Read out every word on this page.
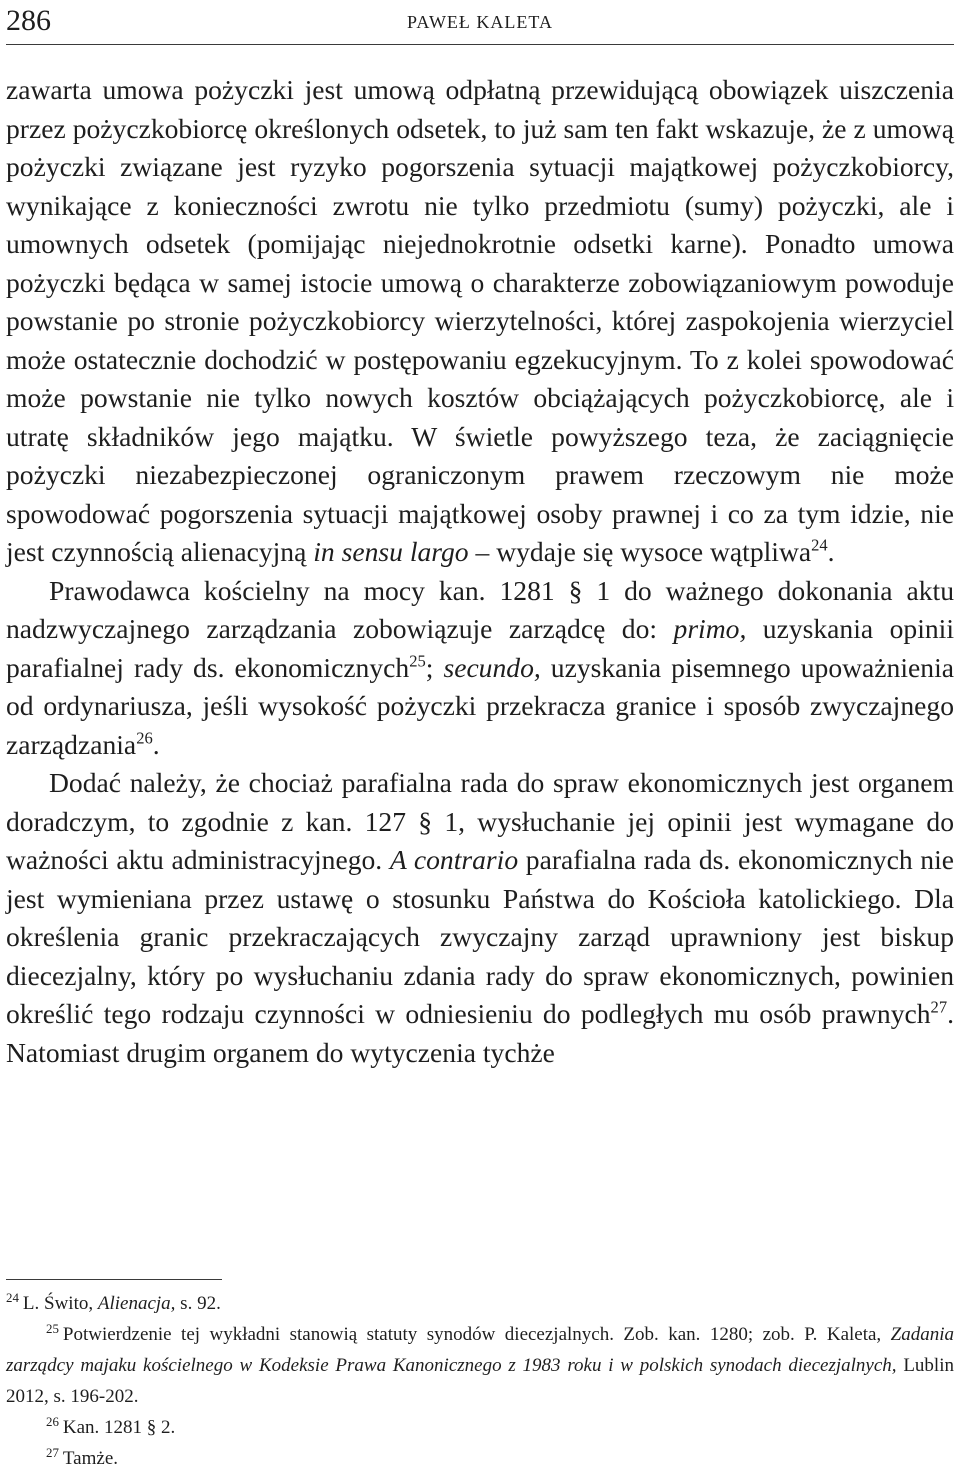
286	PAWEŁ KALETA

zawarta umowa pożyczki jest umową odpłatną przewidującą obowiązek uiszczenia przez pożyczkobiorcę określonych odsetek, to już sam ten fakt wskazuje, że z umową pożyczki związane jest ryzyko pogorszenia sytuacji majątkowej pożyczkobiorcy, wynikające z konieczności zwrotu nie tylko przedmiotu (sumy) pożyczki, ale i umownych odsetek (pomijając niejednokrotnie odsetki karne). Ponadto umowa pożyczki będąca w samej istocie umową o charakterze zobowiązaniowym powoduje powstanie po stronie pożyczkobiorcy wierzytelności, której zaspokojenia wierzyciel może ostatecznie dochodzić w postępowaniu egzekucyjnym. To z kolei spowodować może powstanie nie tylko nowych kosztów obciążających pożyczkobiorcę, ale i utratę składników jego majątku. W świetle powyższego teza, że zaciągnięcie pożyczki niezabezpieczonej ograniczonym prawem rzeczowym nie może spowodować pogorszenia sytuacji majątkowej osoby prawnej i co za tym idzie, nie jest czynnością alienacyjną in sensu largo – wydaje się wysoce wątpliwa$^{24}$.

Prawodawca kościelny na mocy kan. 1281 § 1 do ważnego dokonania aktu nadzwyczajnego zarządzania zobowiązuje zarządcę do: primo, uzyskania opinii parafialnej rady ds. ekonomicznych$^{25}$; secundo, uzyskania pisemnego upoważnienia od ordynariusza, jeśli wysokość pożyczki przekracza granice i sposób zwyczajnego zarządzania$^{26}$.

Dodać należy, że chociaż parafialna rada do spraw ekonomicznych jest organem doradczym, to zgodnie z kan. 127 § 1, wysłuchanie jej opinii jest wymagane do ważności aktu administracyjnego. A contrario parafialna rada ds. ekonomicznych nie jest wymieniana przez ustawę o stosunku Państwa do Kościoła katolickiego. Dla określenia granic przekraczających zwyczajny zarząd uprawniony jest biskup diecezjalny, który po wysłuchaniu zdania rady do spraw ekonomicznych, powinien określić tego rodzaju czynności w odniesieniu do podległych mu osób prawnych$^{27}$. Natomiast drugim organem do wytyczenia tychże

$^{24}$ L. Świto, Alienacja, s. 92.

$^{25}$ Potwierdzenie tej wykładni stanowią statuty synodów diecezjalnych. Zob. kan. 1280; zob. P. Kaleta, Zadania zarządcy majaku kościelnego w Kodeksie Prawa Kanonicznego z 1983 roku i w polskich synodach diecezjalnych, Lublin 2012, s. 196-202.

$^{26}$ Kan. 1281 § 2.

$^{27}$ Tamże.
